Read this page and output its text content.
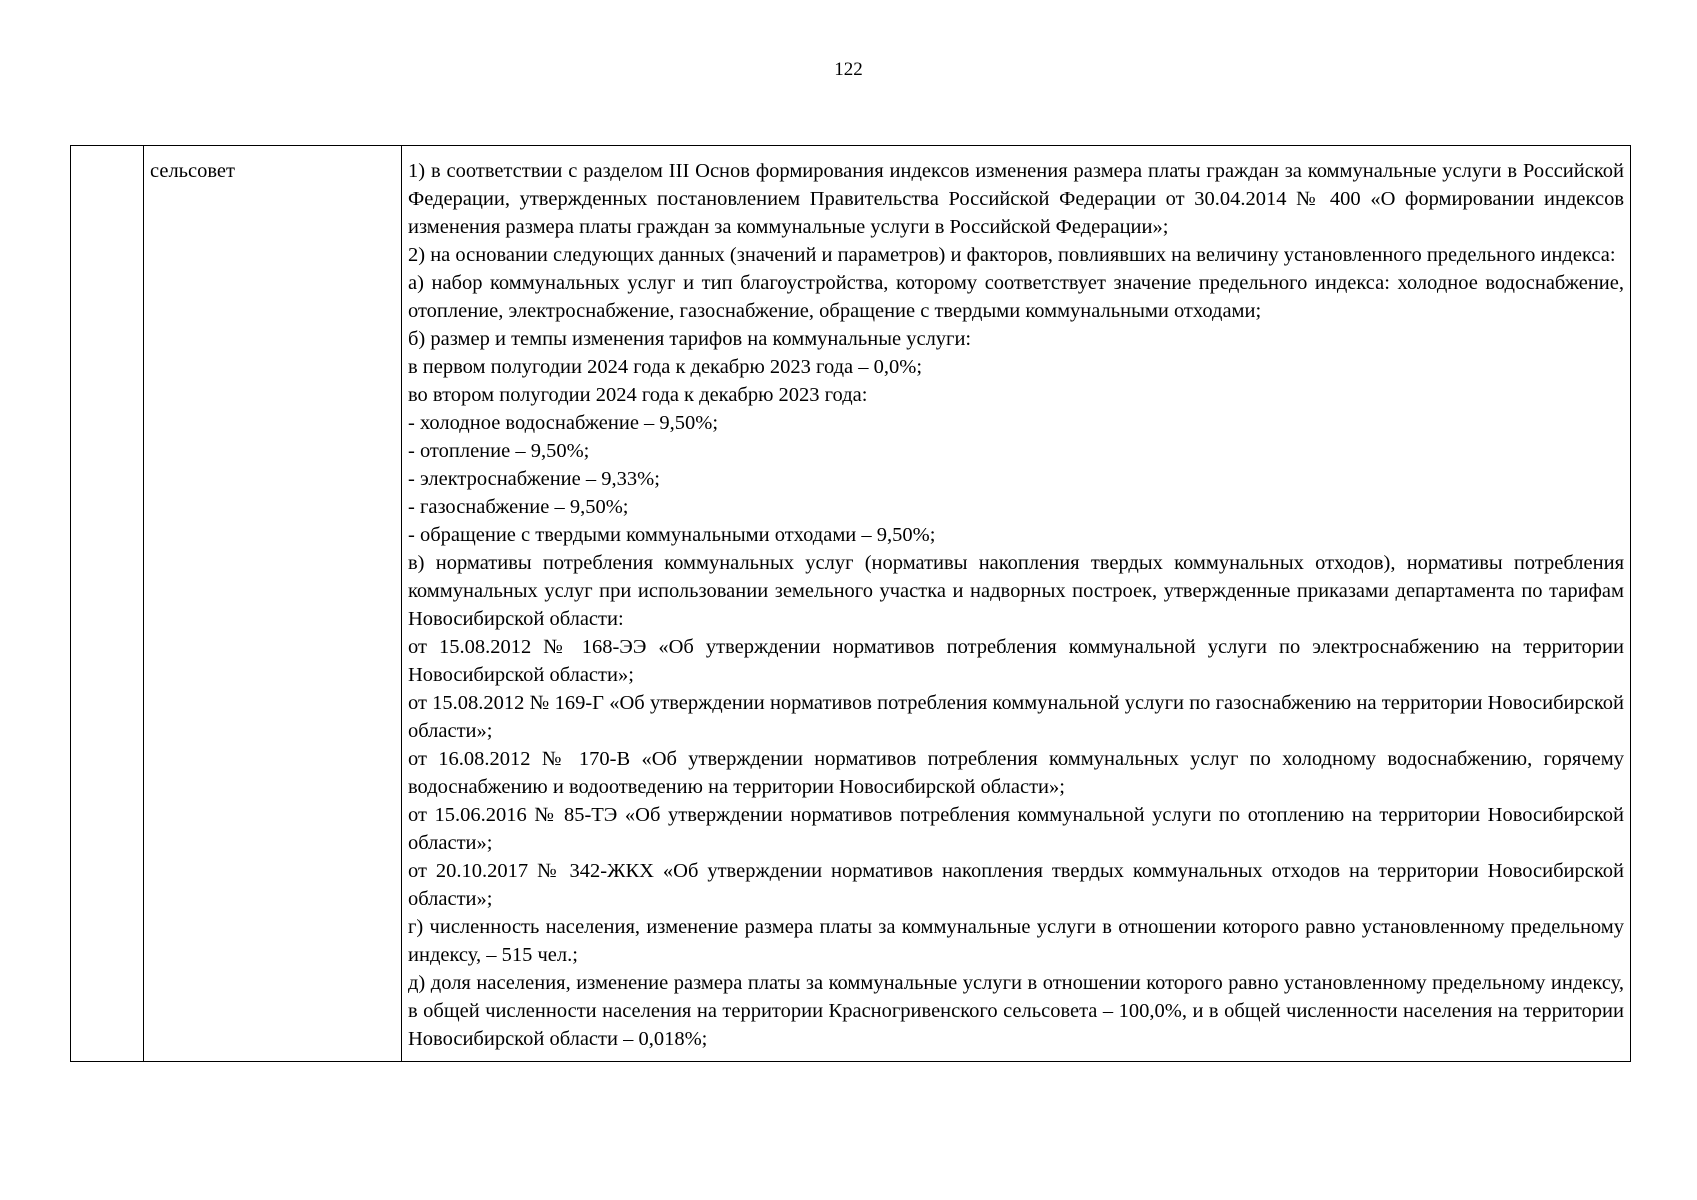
122
	сельсовет	1) в соответствии с разделом III Основ формирования индексов изменения размера платы граждан за коммунальные услуги в Российской Федерации, утвержденных постановлением Правительства Российской Федерации от 30.04.2014 № 400 «О формировании индексов изменения размера платы граждан за коммунальные услуги в Российской Федерации»;

2) на основании следующих данных (значений и параметров) и факторов, повлиявших на величину установленного предельного индекса:

а) набор коммунальных услуг и тип благоустройства, которому соответствует значение предельного индекса: холодное водоснабжение, отопление, электроснабжение, газоснабжение, обращение с твердыми коммунальными отходами;

б) размер и темпы изменения тарифов на коммунальные услуги:

в первом полугодии 2024 года к декабрю 2023 года – 0,0%;

во втором полугодии 2024 года к декабрю 2023 года:

- холодное водоснабжение – 9,50%;

- отопление – 9,50%;

- электроснабжение – 9,33%;

- газоснабжение – 9,50%;

- обращение с твердыми коммунальными отходами – 9,50%;

в) нормативы потребления коммунальных услуг (нормативы накопления твердых коммунальных отходов), нормативы потребления коммунальных услуг при использовании земельного участка и надворных построек, утвержденные приказами департамента по тарифам Новосибирской области:

от 15.08.2012 № 168-ЭЭ «Об утверждении нормативов потребления коммунальной услуги по электроснабжению на территории Новосибирской области»;

от 15.08.2012 № 169-Г «Об утверждении нормативов потребления коммунальной услуги по газоснабжению на территории Новосибирской области»;

от 16.08.2012 № 170-В «Об утверждении нормативов потребления коммунальных услуг по холодному водоснабжению, горячему водоснабжению и водоотведению на территории Новосибирской области»;

от 15.06.2016 № 85-ТЭ «Об утверждении нормативов потребления коммунальной услуги по отоплению на территории Новосибирской области»;

от 20.10.2017 № 342-ЖКХ «Об утверждении нормативов накопления твердых коммунальных отходов на территории Новосибирской области»;

г) численность населения, изменение размера платы за коммунальные услуги в отношении которого равно установленному предельному индексу, – 515 чел.;

д) доля населения, изменение размера платы за коммунальные услуги в отношении которого равно установленному предельному индексу, в общей численности населения на территории Красногривенского сельсовета – 100,0%, и в общей численности населения на территории Новосибирской области – 0,018%;
